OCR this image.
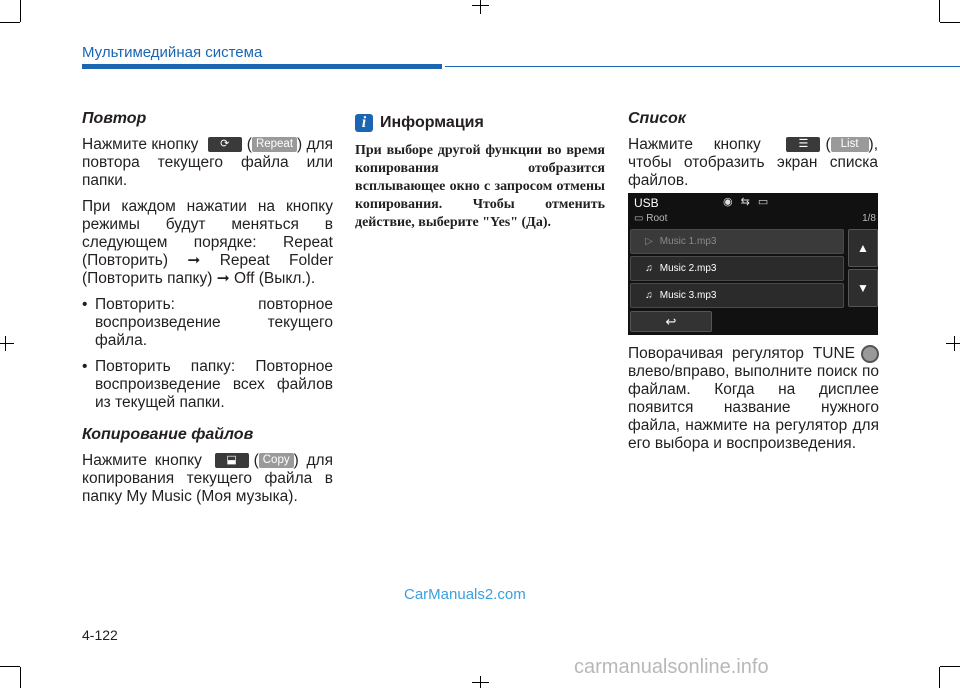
Мультимедийная система
Повтор

Нажмите кнопку ⟳ ( Repeat ) для повтора текущего файла или папки.

При каждом нажатии на кнопку режимы будут меняться в следующем порядке: Repeat (Повторить) ➞ Repeat Folder (Повторить папку) ➞ Off (Выкл.).

• Повторить: повторное воспроизведение текущего файла.
• Повторить папку: Повторное воспроизведение всех файлов из текущей папки.
Копирование файлов

Нажмите кнопку ⬓ ( Copy ) для копирования текущего файла в папку My Music (Моя музыка).

i Информация
При выборе другой функции во время копирования отобразится всплывающее окно с запросом отмены копирования. Чтобы отменить действие, выберите "Yes" (Да).
Список

Нажмите кнопку	☰ ( List ), чтобы отобразить экран списка файлов.

USB	◉⇆▭
▭ Root	1/8
▷ Music 1.mp3
♫ Music 2.mp3
♫ Music 3.mp3
▲
▼
↩
Поворачивая регулятор TUNE влево/вправо, выполните поиск по файлам. Когда на дисплее появится название нужного файла, нажмите на регулятор для его выбора и воспроизведения.
CarManuals2.com
4-122
carmanualsonline.info
